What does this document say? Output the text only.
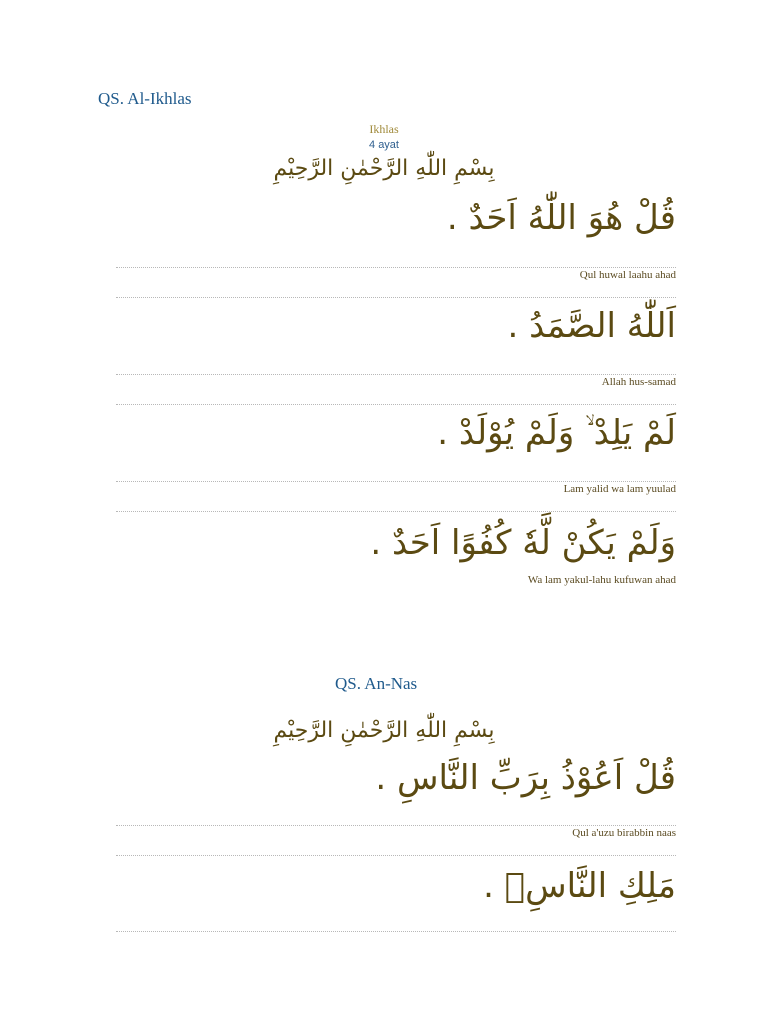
QS. Al-Ikhlas
Ikhlas
4 ayat
بِسْمِ اللّٰهِ الرَّحْمٰنِ الرَّحِيْمِ
قُلْ هُوَ اللّٰهُ اَحَدٌ .
Qul huwal laahu ahad
اَللّٰهُ الصَّمَدُ .
Allah hus-samad
لَمْ يَلِدْ ۙ وَلَمْ يُوْلَدْ .
Lam yalid wa lam yuulad
وَلَمْ يَكُنْ لَّهٗ كُفُوًا اَحَدٌ .
Wa lam yakul-lahu kufuwan ahad
QS. An-Nas
بِسْمِ اللّٰهِ الرَّحْمٰنِ الرَّحِيْمِ
قُلْ اَعُوْذُ بِرَبِّ النَّاسِ .
Qul a'uzu birabbin naas
مَلِكِ النَّاسِۙ .
